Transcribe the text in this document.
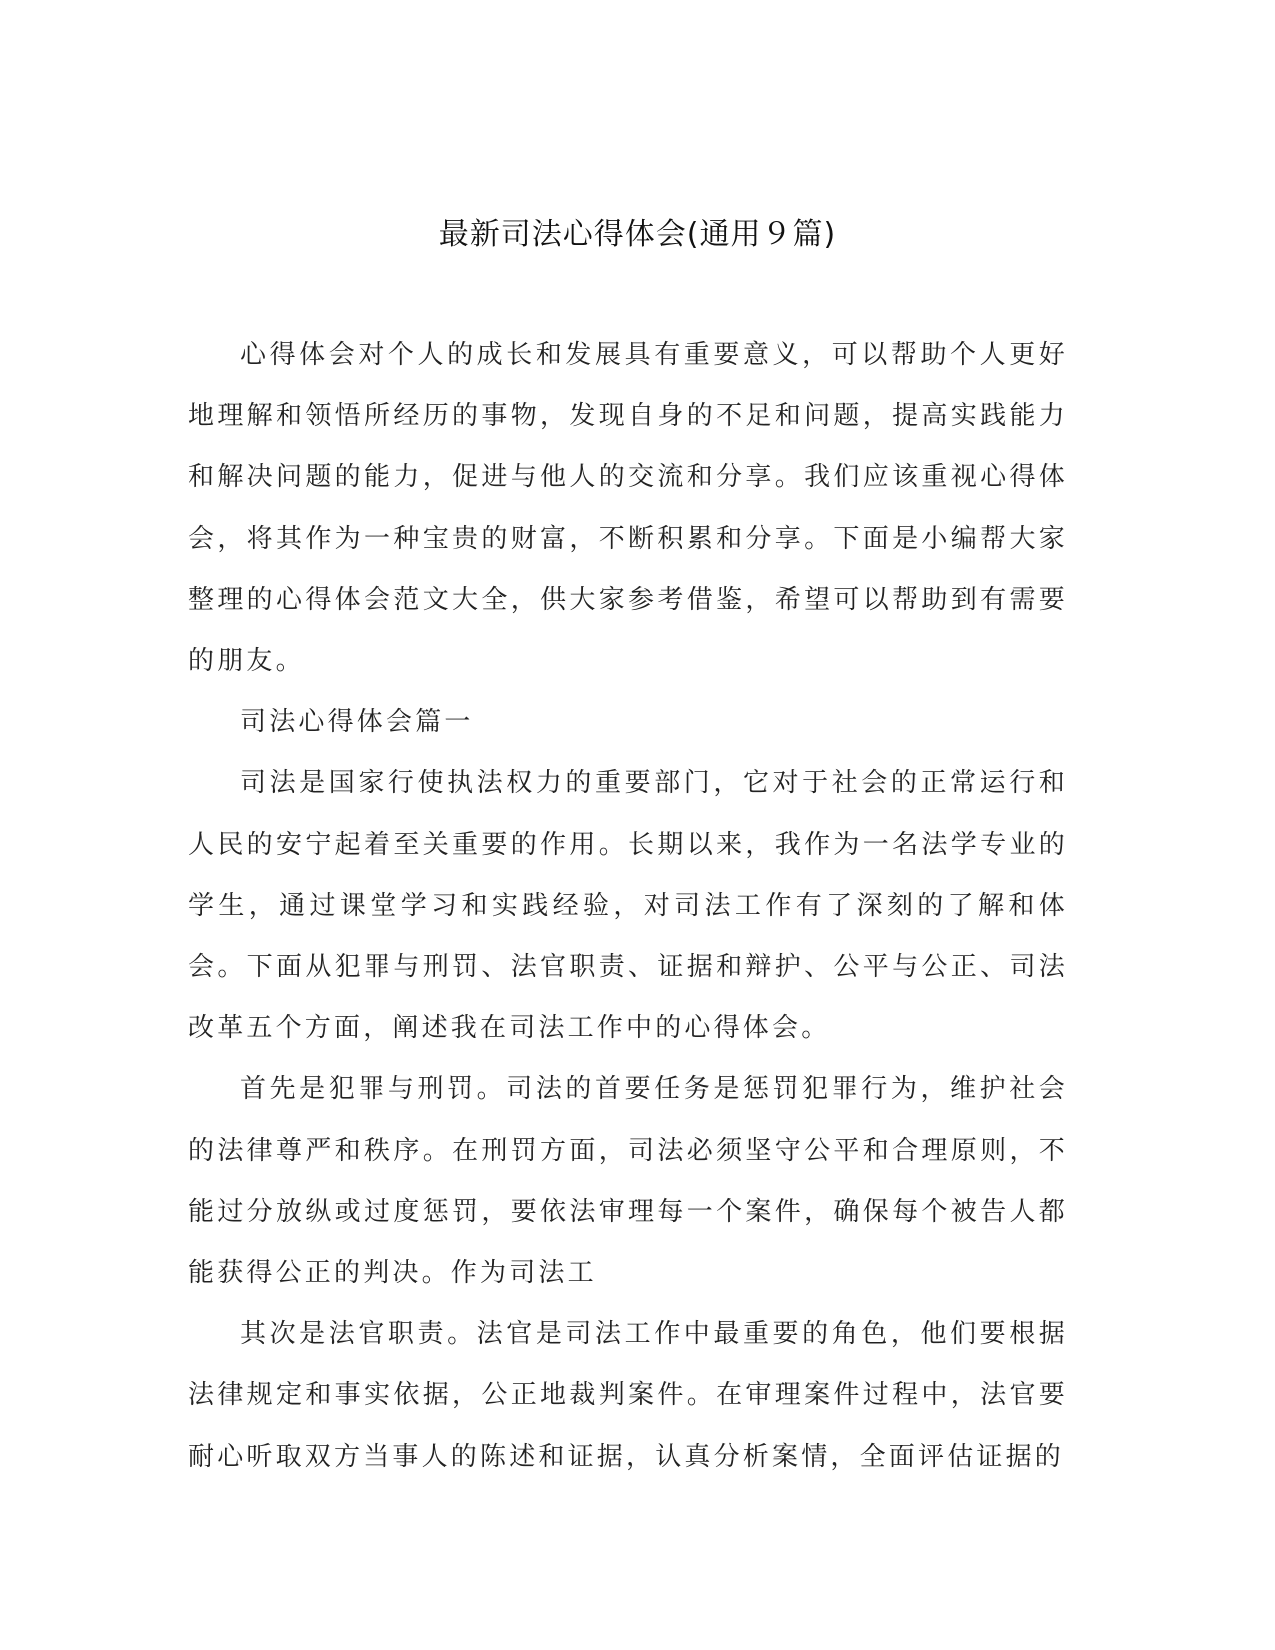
最新司法心得体会(通用９篇)

心得体会对个人的成长和发展具有重要意义，可以帮助个人更好地理解和领悟所经历的事物，发现自身的不足和问题，提高实践能力和解决问题的能力，促进与他人的交流和分享。我们应该重视心得体会，将其作为一种宝贵的财富，不断积累和分享。下面是小编帮大家整理的心得体会范文大全，供大家参考借鉴，希望可以帮助到有需要的朋友。

司法心得体会篇一

司法是国家行使执法权力的重要部门，它对于社会的正常运行和人民的安宁起着至关重要的作用。长期以来，我作为一名法学专业的学生，通过课堂学习和实践经验，对司法工作有了深刻的了解和体会。下面从犯罪与刑罚、法官职责、证据和辩护、公平与公正、司法改革五个方面，阐述我在司法工作中的心得体会。

首先是犯罪与刑罚。司法的首要任务是惩罚犯罪行为，维护社会的法律尊严和秩序。在刑罚方面，司法必须坚守公平和合理原则，不能过分放纵或过度惩罚，要依法审理每一个案件，确保每个被告人都能获得公正的判决。作为司法工

其次是法官职责。法官是司法工作中最重要的角色，他们要根据法律规定和事实依据，公正地裁判案件。在审理案件过程中，法官要耐心听取双方当事人的陈述和证据，认真分析案情，全面评估证据的
